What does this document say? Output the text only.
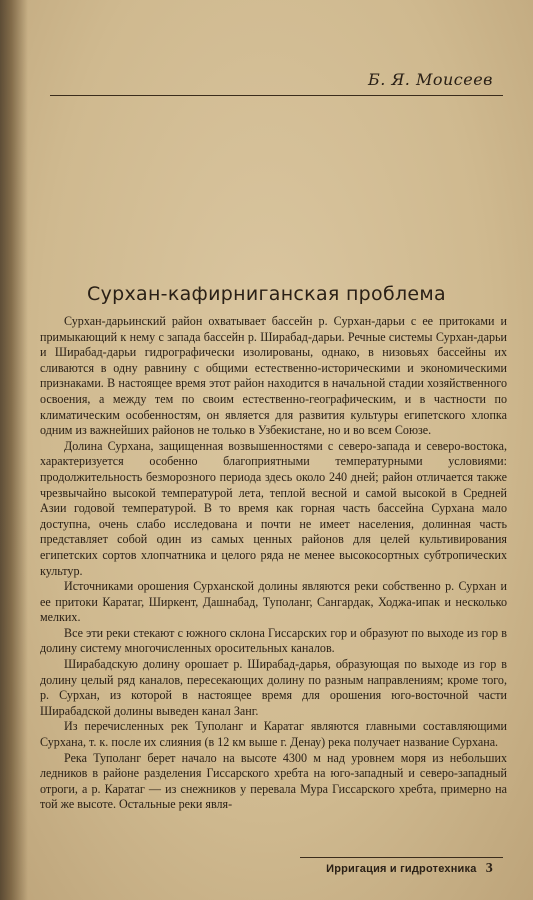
Б. Я. Моисеев
Сурхан-кафирниганская проблема

Сурхан-дарьинский район охватывает бассейн р. Сурхан-дарьи с ее притоками и примыкающий к нему с запада бассейн р. Ширабад-дарьи. Речные системы Сурхан-дарьи и Ширабад-дарьи гидрографически изолированы, однако, в низовьях бассейны их сливаются в одну равнину с общими естественно-историческими и экономическими признаками. В настоящее время этот район находится в начальной стадии хозяйственного освоения, а между тем по своим естественно-географическим, и в частности по климатическим особенностям, он является для развития культуры египетского хлопка одним из важнейших районов не только в Узбекистане, но и во всем Союзе.

Долина Сурхана, защищенная возвышенностями с северо-запада и северо-востока, характеризуется особенно благоприятными температурными условиями: продолжительность безморозного периода здесь около 240 дней; район отличается также чрезвычайно высокой температурой лета, теплой весной и самой высокой в Средней Азии годовой температурой. В то время как горная часть бассейна Сурхана мало доступна, очень слабо исследована и почти не имеет населения, долинная часть представляет собой один из самых ценных районов для целей культивирования египетских сортов хлопчатника и целого ряда не менее высокосортных субтропических культур.

Источниками орошения Сурханской долины являются реки собственно р. Сурхан и ее притоки Каратаг, Ширкент, Дашнабад, Туполанг, Сангардак, Ходжа-ипак и несколько мелких.

Все эти реки стекают с южного склона Гиссарских гор и образуют по выходе из гор в долину систему многочисленных оросительных каналов.

Ширабадскую долину орошает р. Ширабад-дарья, образующая по выходе из гор в долину целый ряд каналов, пересекающих долину по разным направлениям; кроме того, р. Сурхан, из которой в настоящее время для орошения юго-восточной части Ширабадской долины выведен канал Занг.

Из перечисленных рек Туполанг и Каратаг являются главными составляющими Сурхана, т. к. после их слияния (в 12 км выше г. Денау) река получает название Сурхана.

Река Туполанг берет начало на высоте 4300 м над уровнем моря из небольших ледников в районе разделения Гиссарского хребта на юго-западный и северо-западный отроги, а р. Каратаг — из снежников у перевала Мура Гиссарского хребта, примерно на той же высоте. Остальные реки явля-

Ирригация и гидротехника 3
